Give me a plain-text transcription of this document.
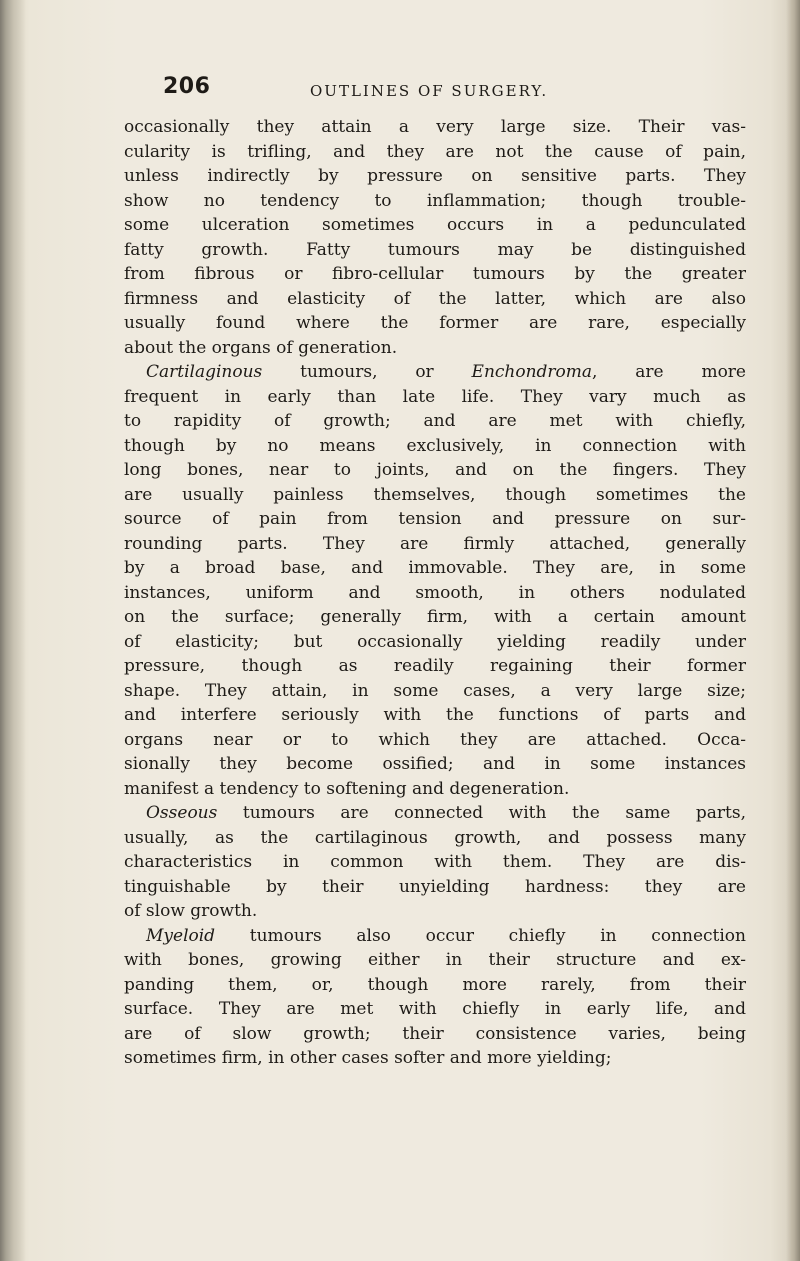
206	OUTLINES OF SURGERY.
occasionally they attain a very large size. Their vas-
cularity is trifling, and they are not the cause of pain,
unless indirectly by pressure on sensitive parts. They
show no tendency to inflammation; though trouble-
some ulceration sometimes occurs in a pedunculated
fatty growth. Fatty tumours may be distinguished
from fibrous or fibro-cellular tumours by the greater
firmness and elasticity of the latter, which are also
usually found where the former are rare, especially
about the organs of generation.
Cartilaginous tumours, or Enchondroma, are more
frequent in early than late life. They vary much as
to rapidity of growth; and are met with chiefly,
though by no means exclusively, in connection with
long bones, near to joints, and on the fingers. They
are usually painless themselves, though sometimes the
source of pain from tension and pressure on sur-
rounding parts. They are firmly attached, generally
by a broad base, and immovable. They are, in some
instances, uniform and smooth, in others nodulated
on the surface; generally firm, with a certain amount
of elasticity; but occasionally yielding readily under
pressure, though as readily regaining their former
shape. They attain, in some cases, a very large size;
and interfere seriously with the functions of parts and
organs near or to which they are attached. Occa-
sionally they become ossified; and in some instances
manifest a tendency to softening and degeneration.
Osseous tumours are connected with the same parts,
usually, as the cartilaginous growth, and possess many
characteristics in common with them. They are dis-
tinguishable by their unyielding hardness: they are
of slow growth.
Myeloid tumours also occur chiefly in connection
with bones, growing either in their structure and ex-
panding them, or, though more rarely, from their
surface. They are met with chiefly in early life, and
are of slow growth; their consistence varies, being
sometimes firm, in other cases softer and more yielding;
